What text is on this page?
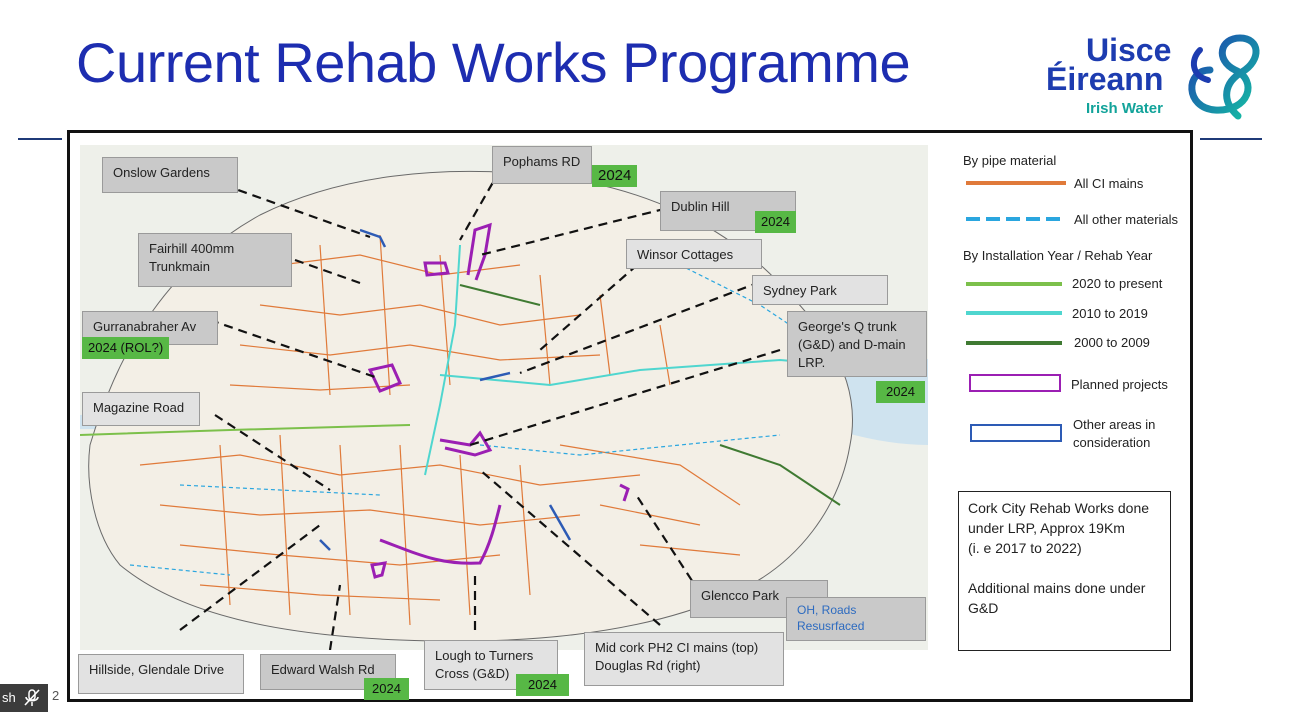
Current Rehab Works Programme	Uisce
Éireann
Irish Water
Onslow Gardens
Pophams RD
2024
Dublin Hill
2024
Fairhill 400mm
Trunkmain
Winsor Cottages
Sydney Park
Gurranabraher Av
2024 (ROL?)
George's Q trunk
(G&D) and D-main
LRP.
2024
Magazine Road
Glencco Park
OH, Roads
Resusrfaced
Mid cork PH2 CI mains (top)
Douglas Rd (right)
Lough to Turners
Cross (G&D)
2024
Edward Walsh Rd
2024
Hillside, Glendale Drive
By pipe material
All CI mains
All other materials
By Installation Year / Rehab Year
2020 to present
2010 to 2019
2000 to 2009
Planned projects
Other areas in
consideration
Cork City Rehab Works done
under LRP, Approx 19Km
(i. e 2017 to 2022)
Additional mains done under
G&D
sh	2
